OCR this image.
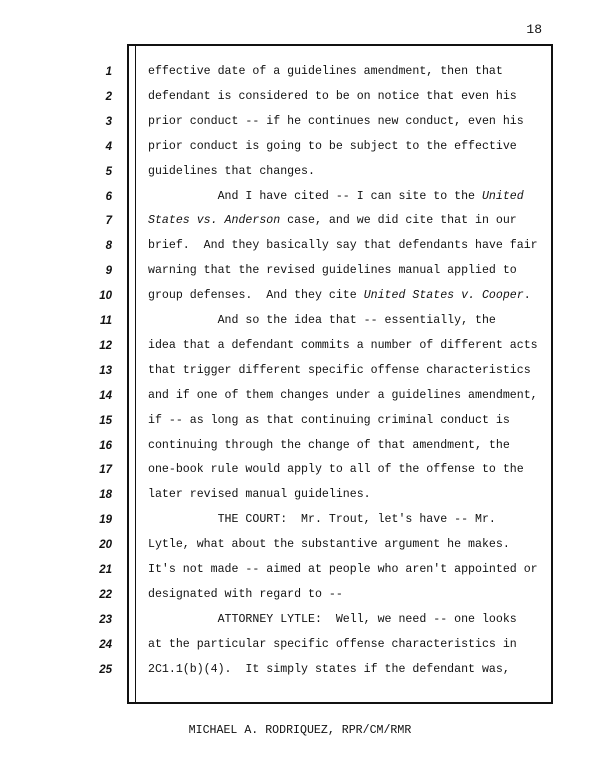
18
1	effective date of a guidelines amendment, then that
2	defendant is considered to be on notice that even his
3	prior conduct -- if he continues new conduct, even his
4	prior conduct is going to be subject to the effective
5	guidelines that changes.
6	And I have cited -- I can site to the United
7	States vs. Anderson case, and we did cite that in our
8	brief.  And they basically say that defendants have fair
9	warning that the revised guidelines manual applied to
10	group defenses.  And they cite United States v. Cooper.
11	And so the idea that -- essentially, the
12	idea that a defendant commits a number of different acts
13	that trigger different specific offense characteristics
14	and if one of them changes under a guidelines amendment,
15	if -- as long as that continuing criminal conduct is
16	continuing through the change of that amendment, the
17	one-book rule would apply to all of the offense to the
18	later revised manual guidelines.
19	THE COURT:  Mr. Trout, let's have -- Mr.
20	Lytle, what about the substantive argument he makes.
21	It's not made -- aimed at people who aren't appointed or
22	designated with regard to --
23	ATTORNEY LYTLE:  Well, we need -- one looks
24	at the particular specific offense characteristics in
25	2C1.1(b)(4).  It simply states if the defendant was,
MICHAEL A. RODRIQUEZ, RPR/CM/RMR
